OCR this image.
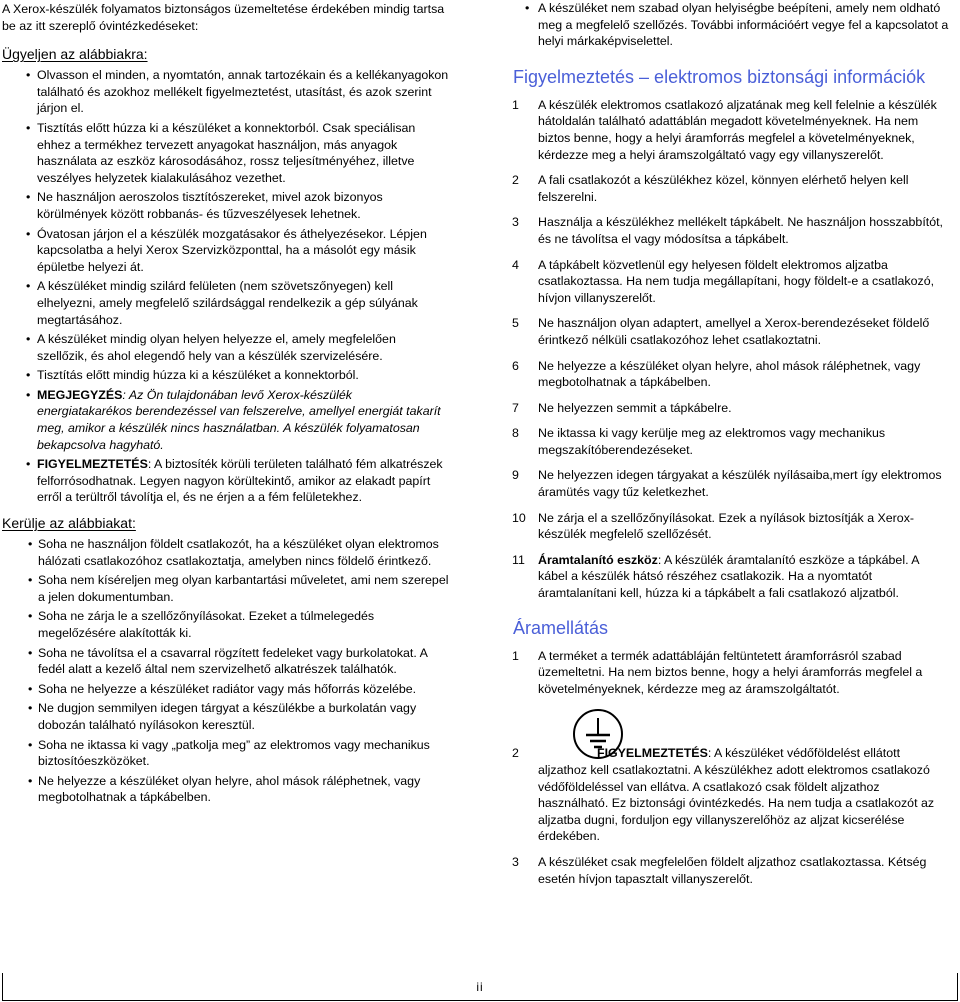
A Xerox-készülék folyamatos biztonságos üzemeltetése érdekében mindig tartsa be az itt szereplő óvintézkedéseket:

Ügyeljen az alábbiakra:
• Olvasson el minden, a nyomtatón, annak tartozékain és a kellékanyagokon található és azokhoz mellékelt figyelmeztetést, utasítást, és azok szerint járjon el.
• Tisztítás előtt húzza ki a készüléket a konnektorból. Csak speciálisan ehhez a termékhez tervezett anyagokat használjon, más anyagok használata az eszköz károsodásához, rossz teljesítményéhez, illetve veszélyes helyzetek kialakulásához vezethet.
• Ne használjon aeroszolos tisztítószereket, mivel azok bizonyos körülmények között robbanás- és tűzveszélyesek lehetnek.
• Óvatosan járjon el a készülék mozgatásakor és áthelyezésekor. Lépjen kapcsolatba a helyi Xerox Szervizközponttal, ha a másolót egy másik épületbe helyezi át.
• A készüléket mindig szilárd felületen (nem szövetszőnyegen) kell elhelyezni, amely megfelelő szilárdsággal rendelkezik a gép súlyának megtartásához.
• A készüléket mindig olyan helyen helyezze el, amely megfelelően szellőzik, és ahol elegendő hely van a készülék szervizelésére.
• Tisztítás előtt mindig húzza ki a készüléket a konnektorból.
• MEGJEGYZÉS: Az Ön tulajdonában levő Xerox-készülék energiatakarékos berendezéssel van felszerelve, amellyel energiát takarít meg, amikor a készülék nincs használatban. A készülék folyamatosan bekapcsolva hagyható.
• FIGYELMEZTETÉS: A biztosíték körüli területen található fém alkatrészek felforrósodhatnak. Legyen nagyon körültekintő, amikor az elakadt papírt erről a terültről távolítja el, és ne érjen a a fém felületekhez.
Kerülje az alábbiakat:
• Soha ne használjon földelt csatlakozót, ha a készüléket olyan elektromos hálózati csatlakozóhoz csatlakoztatja, amelyben nincs földelő érintkező.
• Soha nem kíséreljen meg olyan karbantartási műveletet, ami nem szerepel a jelen dokumentumban.
• Soha ne zárja le a szellőzőnyílásokat. Ezeket a túlmelegedés megelőzésére alakították ki.
• Soha ne távolítsa el a csavarral rögzített fedeleket vagy burkolatokat. A fedél alatt a kezelő által nem szervizelhető alkatrészek találhatók.
• Soha ne helyezze a készüléket radiátor vagy más hőforrás közelébe.
• Ne dugjon semmilyen idegen tárgyat a készülékbe a burkolatán vagy dobozán található nyílásokon keresztül.
• Soha ne iktassa ki vagy „patkolja meg” az elektromos vagy mechanikus biztosítóeszközöket.
• Ne helyezze a készüléket olyan helyre, ahol mások ráléphetnek, vagy megbotolhatnak a tápkábelben.
• A készüléket nem szabad olyan helyiségbe beépíteni, amely nem oldható meg a megfelelő szellőzés. További információért vegye fel a kapcsolatot a helyi márkaképviselettel.
Figyelmeztetés – elektromos biztonsági információk
1 A készülék elektromos csatlakozó aljzatának meg kell felelnie a készülék hátoldalán található adattáblán megadott követelményeknek. Ha nem biztos benne, hogy a helyi áramforrás megfelel a követelményeknek, kérdezze meg a helyi áramszolgáltató vagy egy villanyszerelőt.
2 A fali csatlakozót a készülékhez közel, könnyen elérhető helyen kell felszerelni.
3 Használja a készülékhez mellékelt tápkábelt. Ne használjon hosszabbítót, és ne távolítsa el vagy módosítsa a tápkábelt.
4 A tápkábelt közvetlenül egy helyesen földelt elektromos aljzatba csatlakoztassa. Ha nem tudja megállapítani, hogy földelt-e a csatlakozó, hívjon villanyszerelőt.
5 Ne használjon olyan adaptert, amellyel a Xerox-berendezéseket földelő érintkező nélküli csatlakozóhoz lehet csatlakoztatni.
6 Ne helyezze a készüléket olyan helyre, ahol mások ráléphetnek, vagy megbotolhatnak a tápkábelben.
7 Ne helyezzen semmit a tápkábelre.
8 Ne iktassa ki vagy kerülje meg az elektromos vagy mechanikus megszakítóberendezéseket.
9 Ne helyezzen idegen tárgyakat a készülék nyílásaiba,mert így elektromos áramütés vagy tűz keletkezhet.
10 Ne zárja el a szellőzőnyílásokat. Ezek a nyílások biztosítják a Xerox-készülék megfelelő szellőzését.
11 Áramtalanító eszköz: A készülék áramtalanító eszköze a tápkábel. A kábel a készülék hátsó részéhez csatlakozik. Ha a nyomtatót áramtalanítani kell, húzza ki a tápkábelt a fali csatlakozó aljzatból.
Áramellátás
1 A terméket a termék adattábláján feltüntetett áramforrásról szabad üzemeltetni. Ha nem biztos benne, hogy a helyi áramforrás megfelel a követelményeknek, kérdezze meg az áramszolgáltatót.
2	FIGYELMEZTETÉS: A készüléket védőföldelést ellátott aljzathoz kell csatlakoztatni. A készülékhez adott elektromos csatlakozó védőföldeléssel van ellátva. A csatlakozó csak földelt aljzathoz használható. Ez biztonsági óvintézkedés. Ha nem tudja a csatlakozót az aljzatba dugni, forduljon egy villanyszerelőhöz az aljzat kicserélése érdekében.
3 A készüléket csak megfelelően földelt aljzathoz csatlakoztassa. Kétség esetén hívjon tapasztalt villanyszerelőt.
ii
